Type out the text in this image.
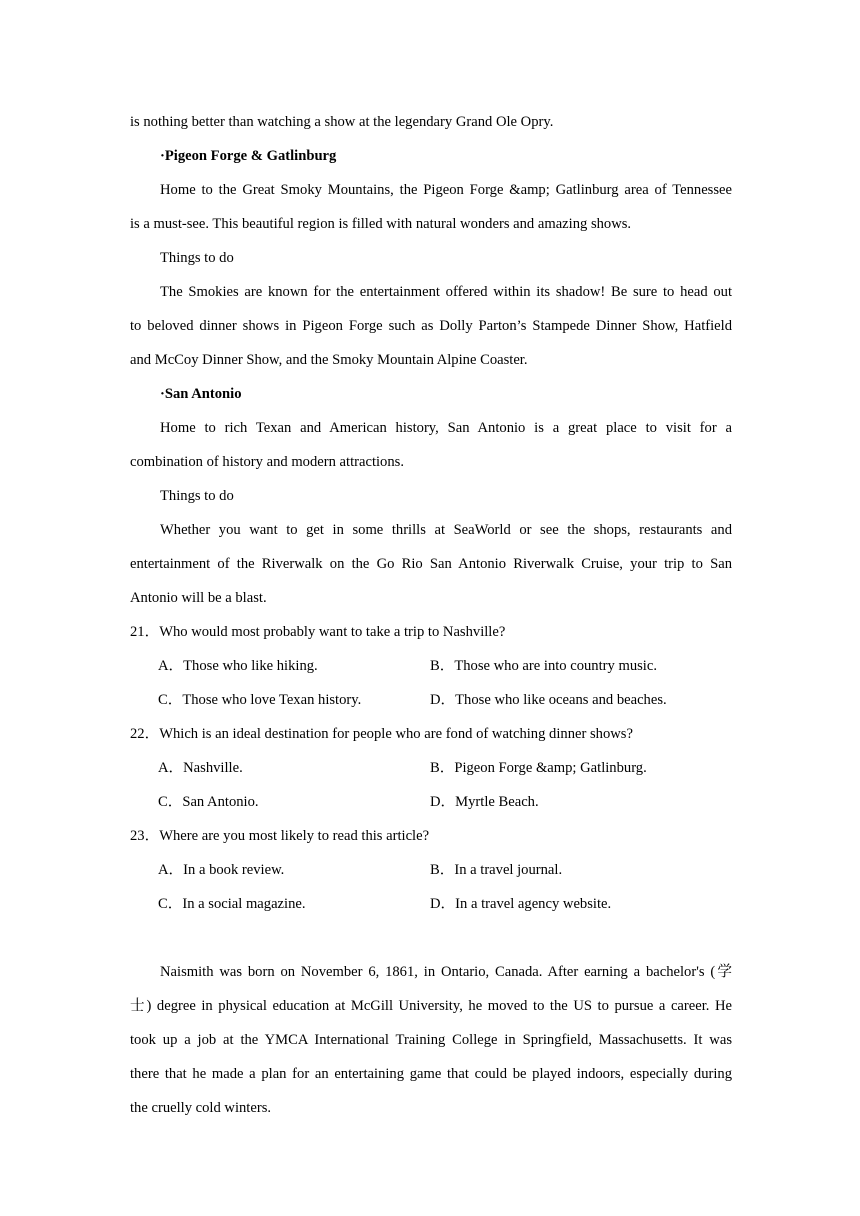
is nothing better than watching a show at the legendary Grand Ole Opry.
·Pigeon Forge & Gatlinburg
Home to the Great Smoky Mountains, the Pigeon Forge &amp; Gatlinburg area of Tennessee
is a must-see. This beautiful region is filled with natural wonders and amazing shows.
Things to do
The Smokies are known for the entertainment offered within its shadow! Be sure to head out
to beloved dinner shows in Pigeon Forge such as Dolly Parton’s Stampede Dinner Show, Hatfield
and McCoy Dinner Show, and the Smoky Mountain Alpine Coaster.
·San Antonio
Home to rich Texan and American history, San Antonio is a great place to visit for a
combination of history and modern attractions.
Things to do
Whether you want to get in some thrills at SeaWorld or see the shops, restaurants and
entertainment of the Riverwalk on the Go Rio San Antonio Riverwalk Cruise, your trip to San
Antonio will be a blast.
21．Who would most probably want to take a trip to Nashville?
A．Those who like hiking.	B．Those who are into country music.
C．Those who love Texan history.	D．Those who like oceans and beaches.
22．Which is an ideal destination for people who are fond of watching dinner shows?
A．Nashville.	B．Pigeon Forge &amp; Gatlinburg.
C．San Antonio.	D．Myrtle Beach.
23．Where are you most likely to read this article?
A．In a book review.	B．In a travel journal.
C．In a social magazine.	D．In a travel agency website.
Naismith was born on November 6, 1861, in Ontario, Canada. After earning a bachelor's (学
士) degree in physical education at McGill University, he moved to the US to pursue a career. He
took up a job at the YMCA International Training College in Springfield, Massachusetts. It was
there that he made a plan for an entertaining game that could be played indoors, especially during
the cruelly cold winters.
